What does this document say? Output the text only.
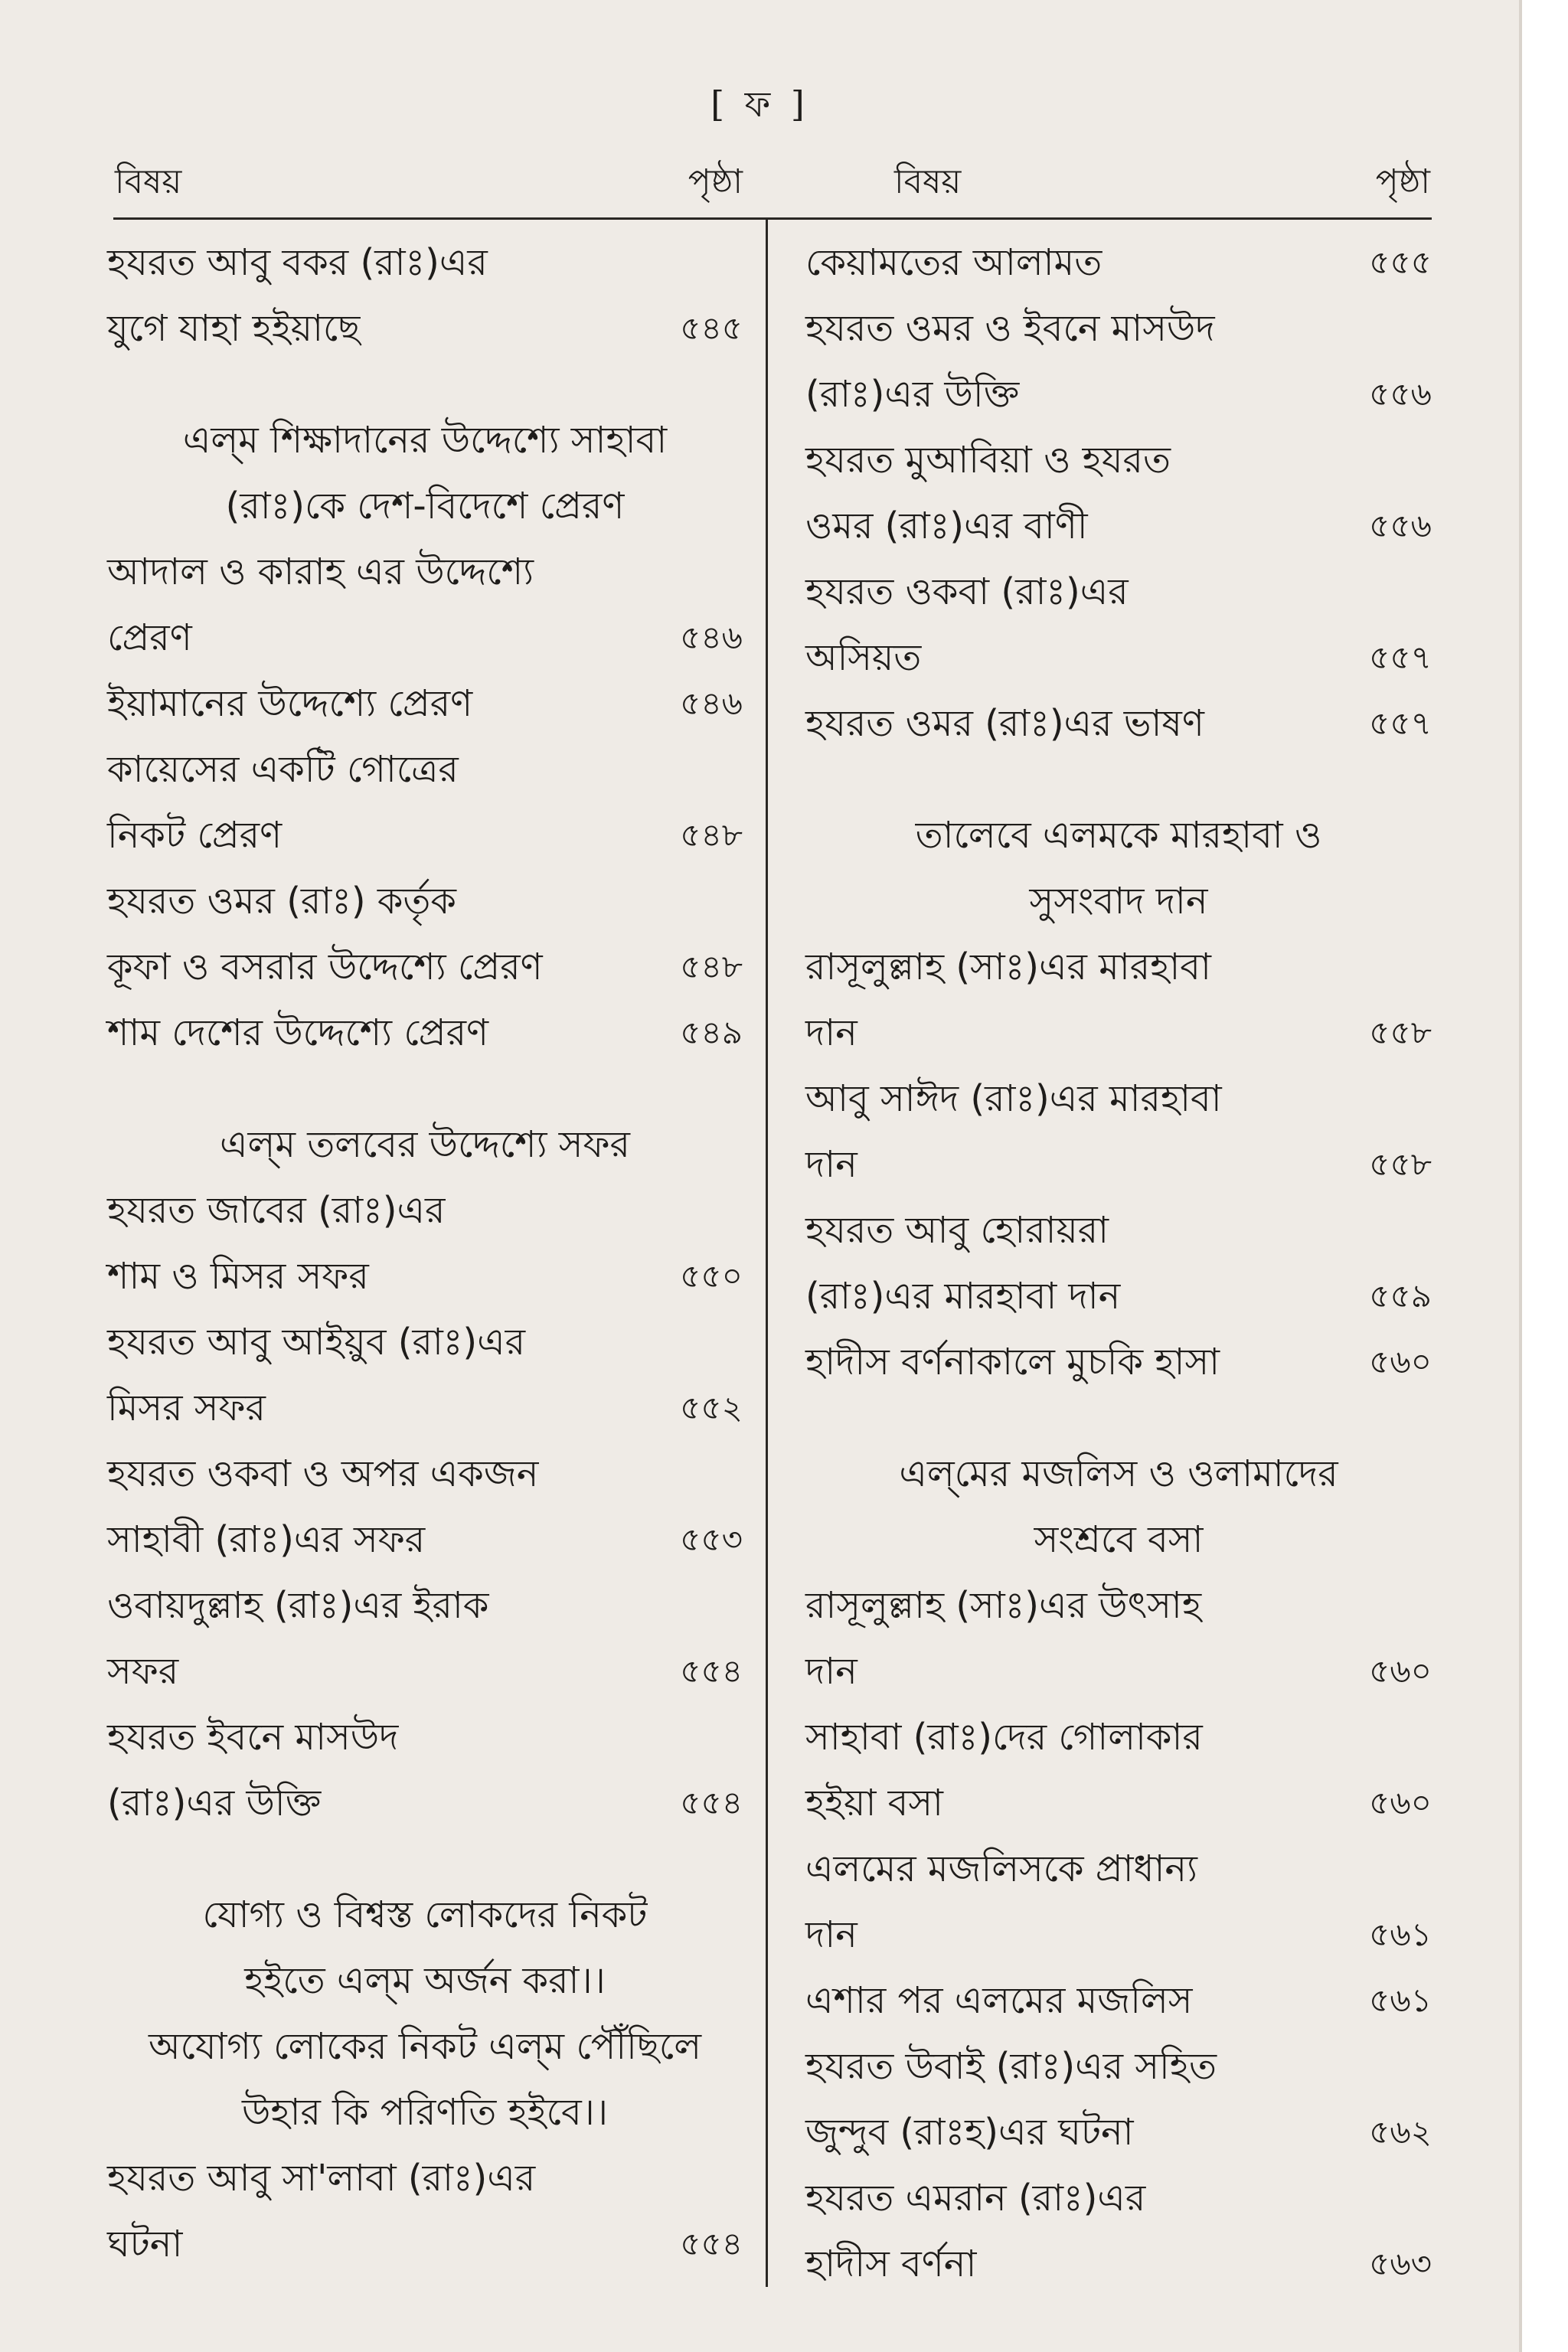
[ ফ ]
বিষয়	পৃষ্ঠা	বিষয়	পৃষ্ঠা
হযরত আবু বকর (রাঃ)এর
যুগে যাহা হইয়াছে	৫৪৫
এল্‌ম শিক্ষাদানের উদ্দেশ্যে সাহাবা
(রাঃ)কে দেশ-বিদেশে প্রেরণ
আদাল ও কারাহ এর উদ্দেশ্যে
প্রেরণ	৫৪৬
ইয়ামানের উদ্দেশ্যে প্রেরণ	৫৪৬
কায়েসের একটি গোত্রের
নিকট প্রেরণ	৫৪৮
হযরত ওমর (রাঃ) কর্তৃক
কূফা ও বসরার উদ্দেশ্যে প্রেরণ	৫৪৮
শাম দেশের উদ্দেশ্যে প্রেরণ	৫৪৯
এল্‌ম তলবের উদ্দেশ্যে সফর
হযরত জাবের (রাঃ)এর
শাম ও মিসর সফর	৫৫০
হযরত আবু আইয়ুব (রাঃ)এর
মিসর সফর	৫৫২
হযরত ওকবা ও অপর একজন
সাহাবী (রাঃ)এর সফর	৫৫৩
ওবায়দুল্লাহ (রাঃ)এর ইরাক
সফর	৫৫৪
হযরত ইবনে মাসউদ
(রাঃ)এর উক্তি	৫৫৪
যোগ্য ও বিশ্বস্ত লোকদের নিকট
হইতে এল্‌ম অর্জন করা।।
অযোগ্য লোকের নিকট এল্‌ম পৌঁছিলে
উহার কি পরিণতি হইবে।।
হযরত আবু সা'লাবা (রাঃ)এর
ঘটনা	৫৫৪
কেয়ামতের আলামত	৫৫৫
হযরত ওমর ও ইবনে মাসউদ
(রাঃ)এর উক্তি	৫৫৬
হযরত মুআবিয়া ও হযরত
ওমর (রাঃ)এর বাণী	৫৫৬
হযরত ওকবা (রাঃ)এর
অসিয়ত	৫৫৭
হযরত ওমর (রাঃ)এর ভাষণ	৫৫৭
তালেবে এলমকে মারহাবা ও
সুসংবাদ দান
রাসূলুল্লাহ (সাঃ)এর মারহাবা
দান	৫৫৮
আবু সাঈদ (রাঃ)এর মারহাবা
দান	৫৫৮
হযরত আবু হোরায়রা
(রাঃ)এর মারহাবা দান	৫৫৯
হাদীস বর্ণনাকালে মুচকি হাসা	৫৬০
এল্‌মের মজলিস ও ওলামাদের
সংশ্রবে বসা
রাসূলুল্লাহ (সাঃ)এর উৎসাহ
দান	৫৬০
সাহাবা (রাঃ)দের গোলাকার
হইয়া বসা	৫৬০
এলমের মজলিসকে প্রাধান্য
দান	৫৬১
এশার পর এলমের মজলিস	৫৬১
হযরত উবাই (রাঃ)এর সহিত
জুন্দুব (রাঃহ)এর ঘটনা	৫৬২
হযরত এমরান (রাঃ)এর
হাদীস বর্ণনা	৫৬৩
